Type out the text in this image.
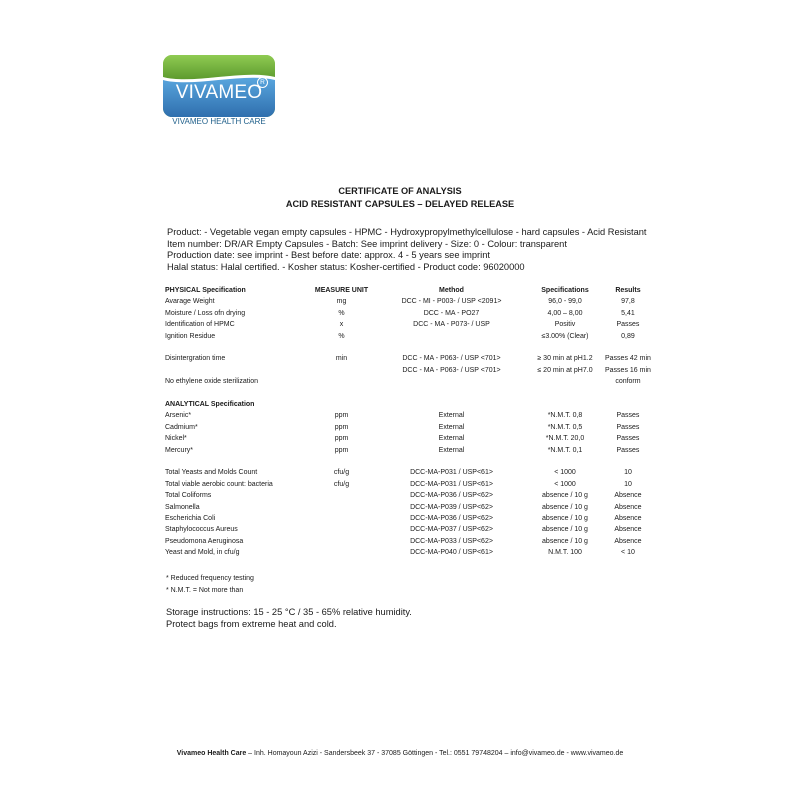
VIVAMEO
R
VIVAMEO HEALTH CARE
CERTIFICATE OF ANALYSIS
ACID RESISTANT CAPSULES – DELAYED RELEASE
Product: - Vegetable vegan empty capsules - HPMC - Hydroxypropylmethylcellulose - hard capsules - Acid Resistant
Item number: DR/AR Empty Capsules - Batch: See imprint delivery - Size: 0 - Colour: transparent
Production date: see imprint - Best before date: approx. 4 - 5 years see imprint
Halal status: Halal certified. - Kosher status: Kosher-certified - Product code: 96020000
PHYSICAL Specification	MEASURE UNIT	Method	Specifications	Results
Avarage Weight	mg	DCC - MI - P003- / USP <2091>	96,0 - 99,0	97,8
Moisture / Loss ofn drying	%	DCC - MA - PO27	4,00 – 8,00	5,41
Identification of HPMC	x	DCC - MA - P073- / USP	Positiv	Passes
Ignition Residue	%		≤3.00% (Clear)	0,89

Disintergration time	min	DCC - MA - P063- / USP <701>	≥ 30 min at pH1.2	Passes 42 min
		DCC - MA - P063- / USP <701>	≤ 20 min at pH7.0	Passes 16 min
No ethylene oxide sterilization				conform

ANALYTICAL Specification				
Arsenic*	ppm	External	*N.M.T. 0,8	Passes
Cadmium*	ppm	External	*N.M.T. 0,5	Passes
Nickel*	ppm	External	*N.M.T. 20,0	Passes
Mercury*	ppm	External	*N.M.T. 0,1	Passes

Total Yeasts and Molds Count	cfu/g	DCC-MA-P031 / USP<61>	< 1000	10
Total viable aerobic count: bacteria	cfu/g	DCC-MA-P031 / USP<61>	< 1000	10
Total Coliforms		DCC-MA-P036 / USP<62>	absence / 10 g	Absence
Salmonella		DCC-MA-P039 / USP<62>	absence / 10 g	Absence
Escherichia Coli		DCC-MA-P036 / USP<62>	absence / 10 g	Absence
Staphylococcus Aureus		DCC-MA-P037 / USP<62>	absence / 10 g	Absence
Pseudomona Aeruginosa		DCC-MA-P033 / USP<62>	absence / 10 g	Absence
Yeast and Mold, in cfu/g		DCC-MA-P040 / USP<61>	N.M.T. 100	< 10
* Reduced frequency testing
* N.M.T. = Not more than
Storage instructions: 15 - 25 °C / 35 - 65% relative humidity.
Protect bags from extreme heat and cold.
Vivameo Health Care – Inh. Homayoun Azizi - Sandersbeek 37 - 37085 Göttingen - Tel.: 0551 79748204 – info@vivameo.de - www.vivameo.de
